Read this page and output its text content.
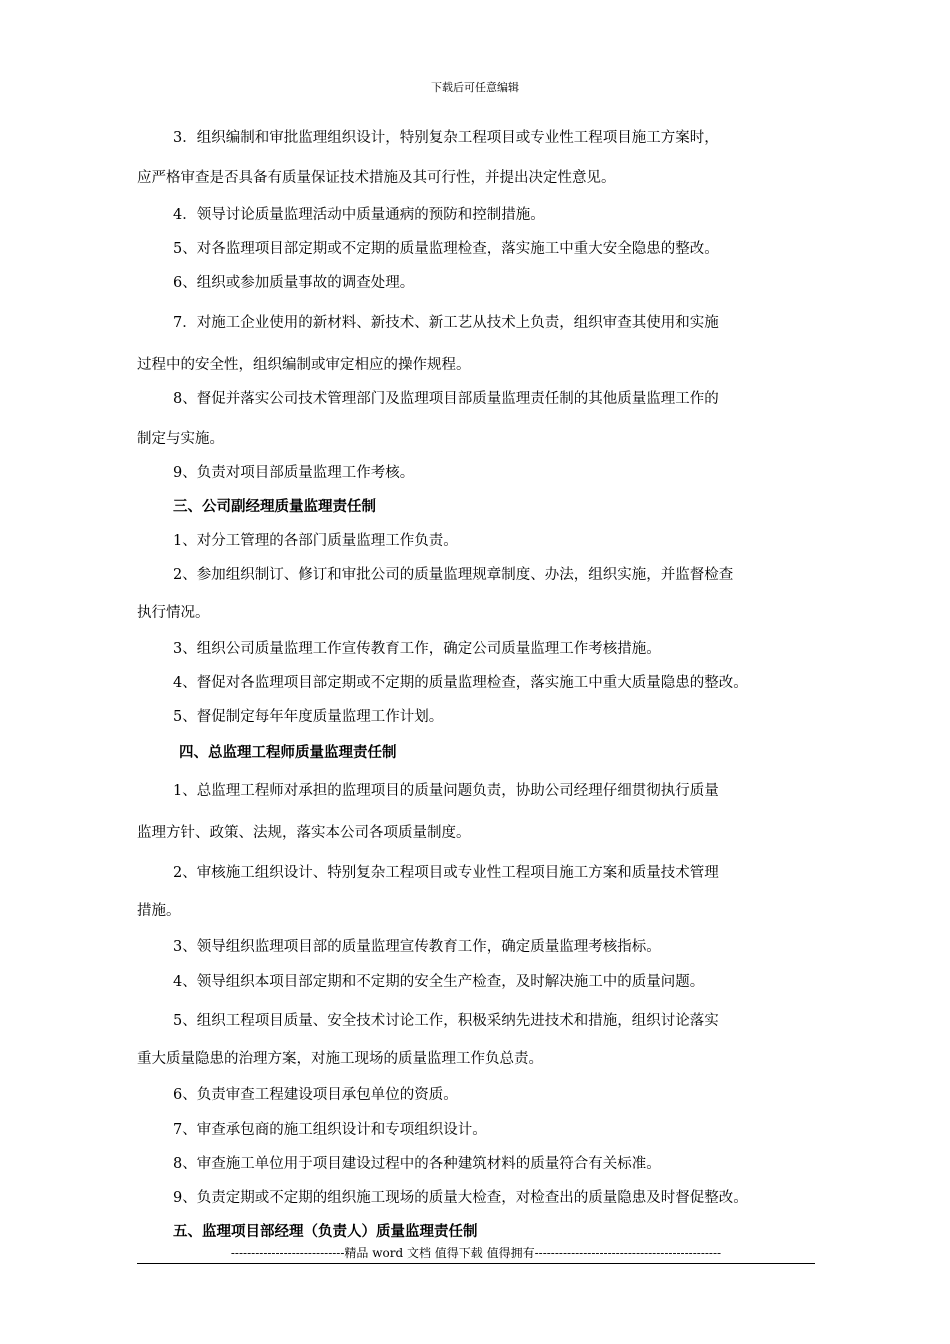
下载后可任意编辑
3．组织编制和审批监理组织设计，特别复杂工程项目或专业性工程项目施工方案时，
应严格审查是否具备有质量保证技术措施及其可行性，并提出决定性意见。
4．领导讨论质量监理活动中质量通病的预防和控制措施。
5、对各监理项目部定期或不定期的质量监理检查，落实施工中重大安全隐患的整改。
6、组织或参加质量事故的调查处理。
7．对施工企业使用的新材料、新技术、新工艺从技术上负责，组织审查其使用和实施
过程中的安全性，组织编制或审定相应的操作规程。
8、督促并落实公司技术管理部门及监理项目部质量监理责任制的其他质量监理工作的
制定与实施。
9、负责对项目部质量监理工作考核。
三、公司副经理质量监理责任制
1、对分工管理的各部门质量监理工作负责。
2、参加组织制订、修订和审批公司的质量监理规章制度、办法，组织实施，并监督检查
执行情况。
3、组织公司质量监理工作宣传教育工作，确定公司质量监理工作考核措施。
4、督促对各监理项目部定期或不定期的质量监理检查，落实施工中重大质量隐患的整改。
5、督促制定每年年度质量监理工作计划。
四、总监理工程师质量监理责任制
1、总监理工程师对承担的监理项目的质量问题负责，协助公司经理仔细贯彻执行质量
监理方针、政策、法规，落实本公司各项质量制度。
2、审核施工组织设计、特别复杂工程项目或专业性工程项目施工方案和质量技术管理
措施。
3、领导组织监理项目部的质量监理宣传教育工作，确定质量监理考核指标。
4、领导组织本项目部定期和不定期的安全生产检查，及时解决施工中的质量问题。
5、组织工程项目质量、安全技术讨论工作，积极采纳先进技术和措施，组织讨论落实
重大质量隐患的治理方案，对施工现场的质量监理工作负总责。
6、负责审查工程建设项目承包单位的资质。
7、审查承包商的施工组织设计和专项组织设计。
8、审查施工单位用于项目建设过程中的各种建筑材料的质量符合有关标准。
9、负责定期或不定期的组织施工现场的质量大检查，对检查出的质量隐患及时督促整改。
五、监理项目部经理（负责人）质量监理责任制
----------------------------精品 word 文档 值得下载 值得拥有----------------------------------------------
